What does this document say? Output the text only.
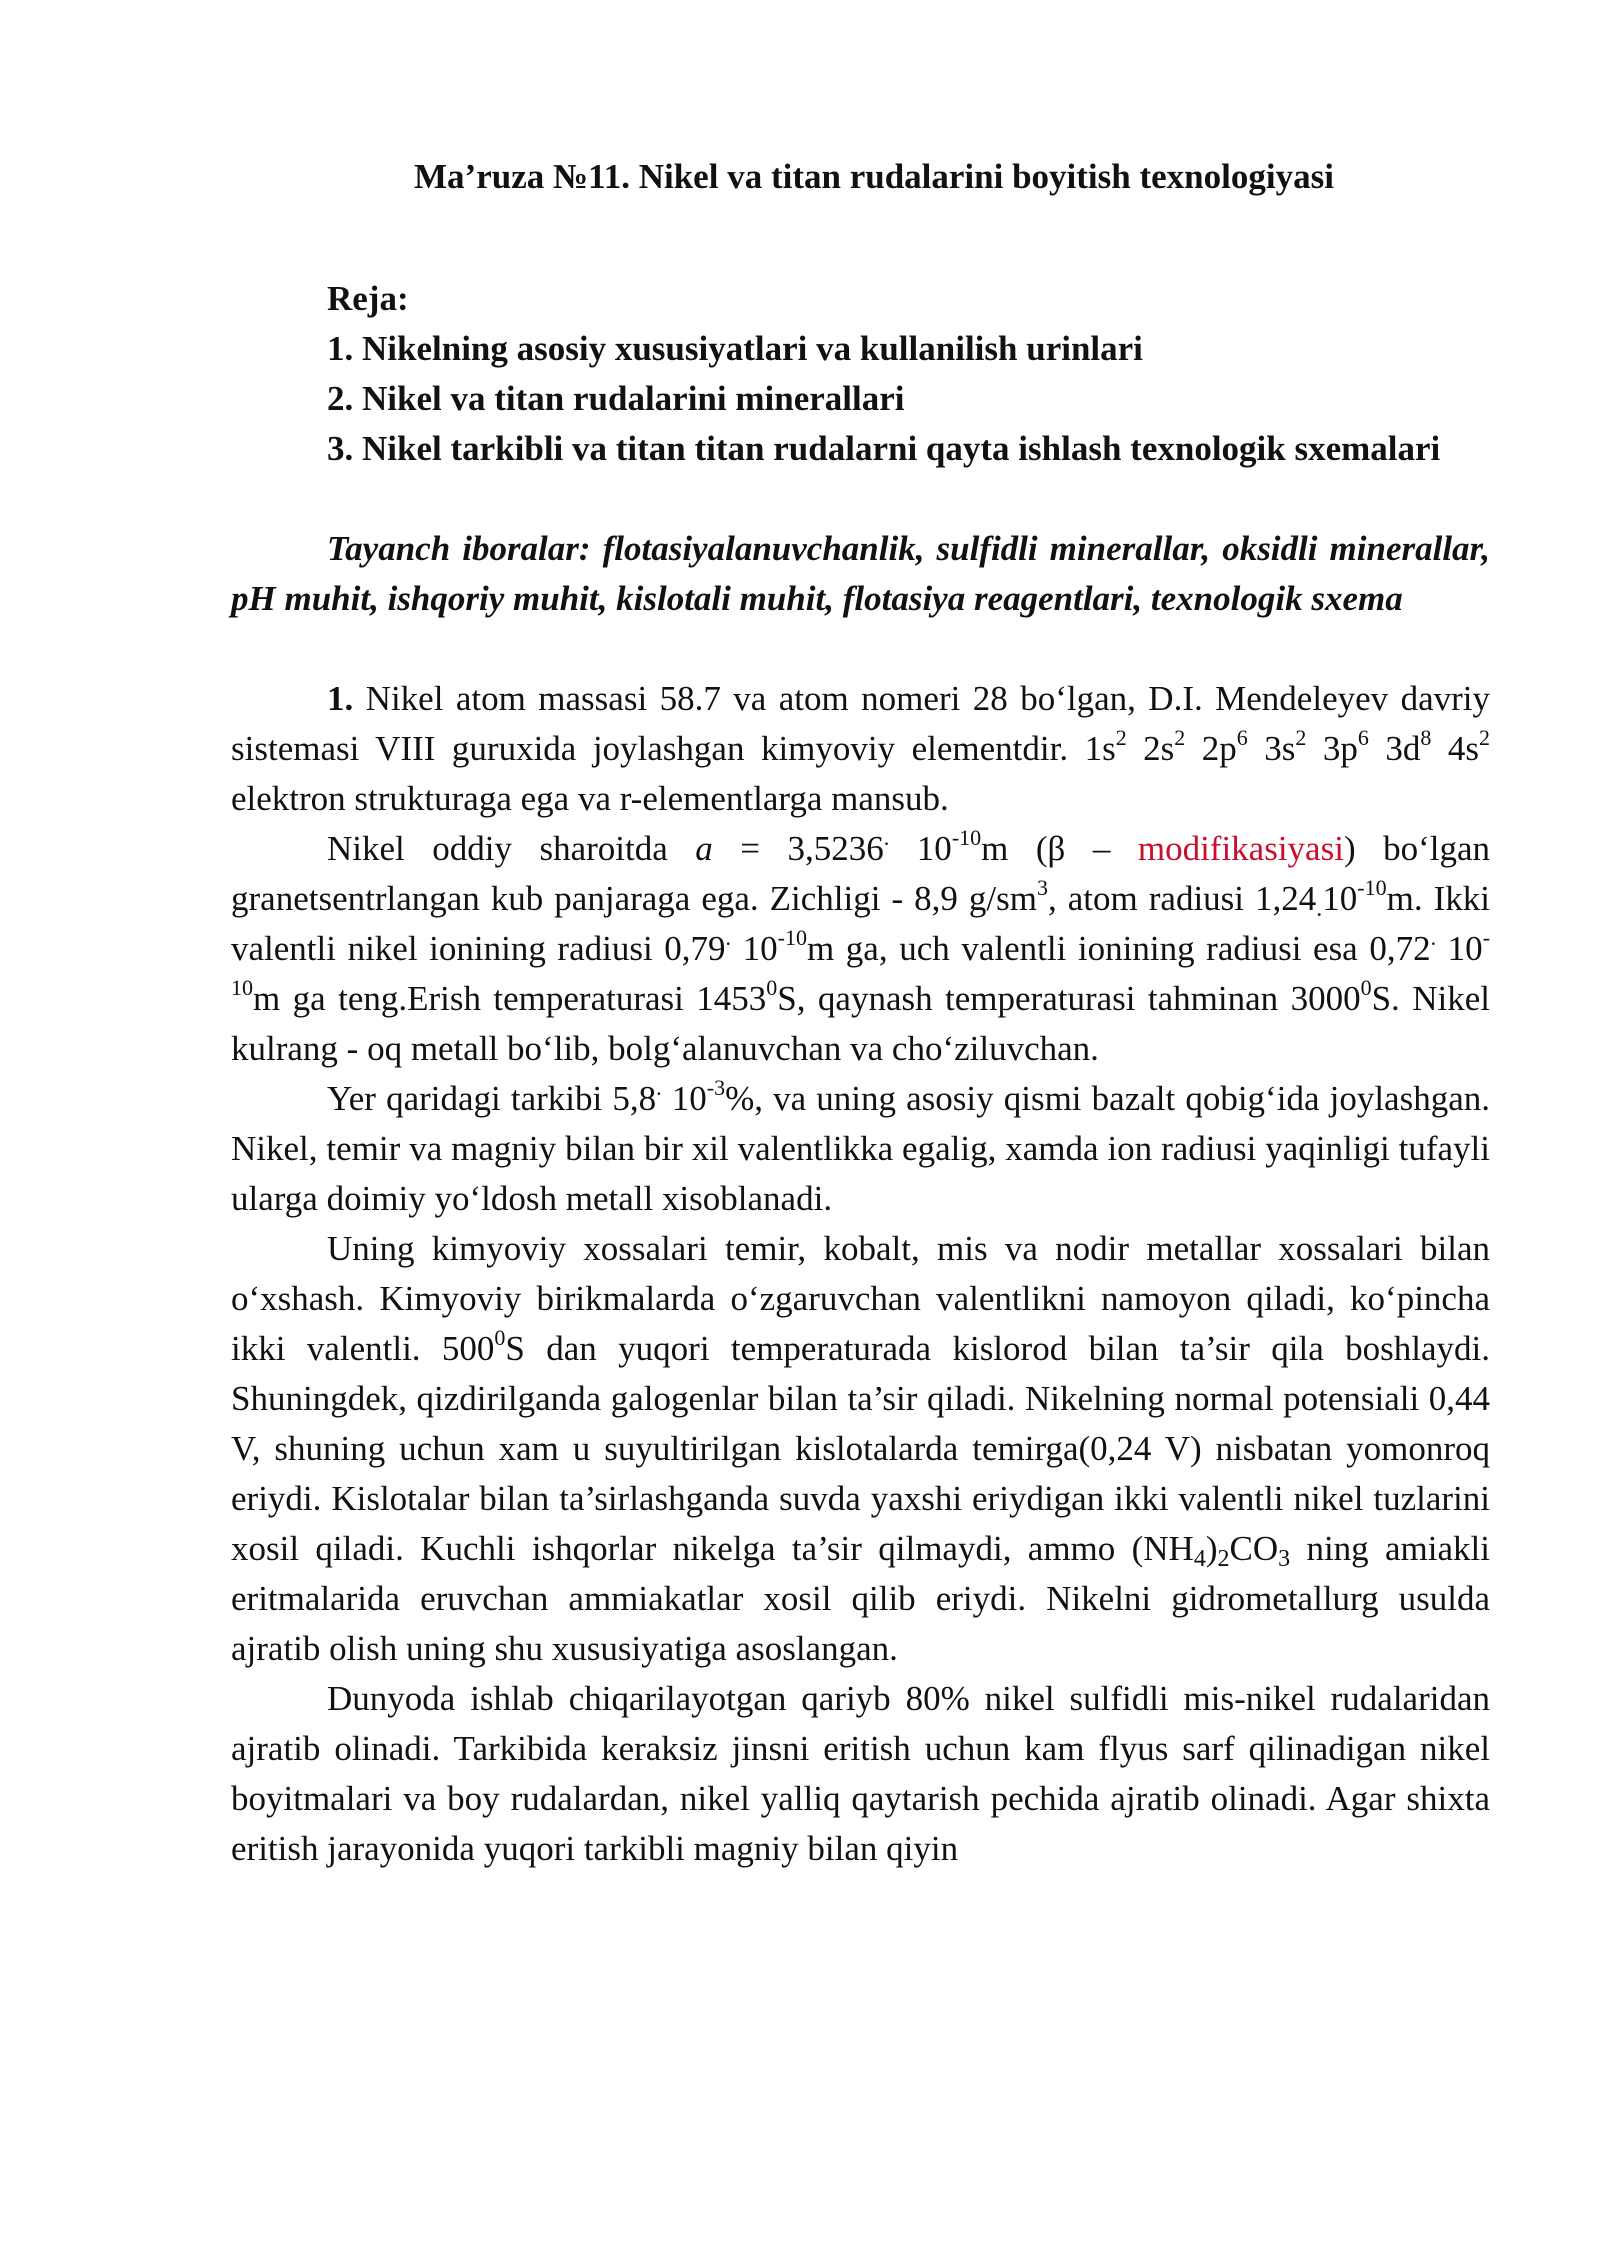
Ma’ruza №11. Nikel va titan rudalarini boyitish texnologiyasi
Reja:
1. Nikelning asosiy xususiyatlari va kullanilish urinlari
2. Nikel va titan rudalarini minerallari
3. Nikel tarkibli va titan titan rudalarni qayta ishlash texnologik sxemalari
Tayanch iboralar: flotasiyalanuvchanlik, sulfidli minerallar, oksidli minerallar, pH muhit, ishqoriy muhit, kislotali muhit, flotasiya reagentlari, texnologik sxema

1. Nikel atom massasi 58.7 va atom nomeri 28 bo‘lgan, D.I. Mendeleyev davriy sistemasi VIII guruxida joylashgan kimyoviy elementdir. $1s^2$ $2s^2$ $2p^6$ $3s^2$ $3p^6$ $3d^8$ $4s^2$ elektron strukturaga ega va r-elementlarga mansub.

Nikel oddiy sharoitda a = 3,5236. $10^{-10}m$ (β – modifikasiyasi) bo‘lgan granetsentrlangan kub panjaraga ega. Zichligi - 8,9 $g/sm^3$, atom radiusi $1,24_.10^{-10}m$. Ikki valentli nikel ionining radiusi 0,79. $10^{-10}m$ ga, uch valentli ionining radiusi esa 0,72. $10^{-10}m$ ga teng.Erish temperaturasi 1453$^0$S, qaynash temperaturasi tahminan 3000$^0$S. Nikel kulrang - oq metall bo‘lib, bolg‘alanuvchan va cho‘ziluvchan.

Yer qaridagi tarkibi 5,8. $10^{-3}\%$, va uning asosiy qismi bazalt qobig‘ida joylashgan. Nikel, temir va magniy bilan bir xil valentlikka egalig, xamda ion radiusi yaqinligi tufayli ularga doimiy yo‘ldosh metall xisoblanadi.

Uning kimyoviy xossalari temir, kobalt, mis va nodir metallar xossalari bilan o‘xshash. Kimyoviy birikmalarda o‘zgaruvchan valentlikni namoyon qiladi, ko‘pincha ikki valentli. $500^0S$ dan yuqori temperaturada kislorod bilan ta’sir qila boshlaydi. Shuningdek, qizdirilganda galogenlar bilan ta’sir qiladi. Nikelning normal potensiali 0,44 V, shuning uchun xam u suyultirilgan kislotalarda temirga(0,24 V) nisbatan yomonroq eriydi. Kislotalar bilan ta’sirlashganda suvda yaxshi eriydigan ikki valentli nikel tuzlarini xosil qiladi. Kuchli ishqorlar nikelga ta’sir qilmaydi, ammo $(NH_4)_2CO_3$ ning amiakli eritmalarida eruvchan ammiakatlar xosil qilib eriydi. Nikelni gidrometallurg usulda ajratib olish uning shu xususiyatiga asoslangan.

Dunyoda ishlab chiqarilayotgan qariyb 80% nikel sulfidli mis-nikel rudalaridan ajratib olinadi. Tarkibida keraksiz jinsni eritish uchun kam flyus sarf qilinadigan nikel boyitmalari va boy rudalardan, nikel yalliq qaytarish pechida ajratib olinadi. Agar shixta eritish jarayonida yuqori tarkibli magniy bilan qiyin
